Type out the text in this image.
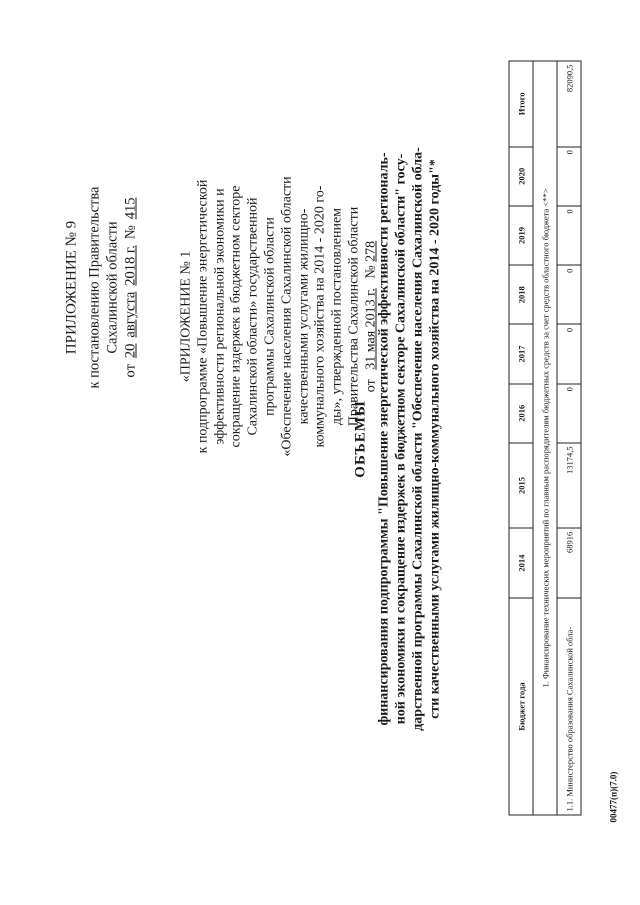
ПРИЛОЖЕНИЕ № 9 к постановлению Правительства Сахалинской области
от
20
августа
2018 г.
№
415
«ПРИЛОЖЕНИЕ № 1 к подпрограмме «Повышение энергетической эффективности региональной экономики и сокращение издержек в бюджетном секторе Сахалинской области» государственной программы Сахалинской области «Обеспечение населения Сахалинской области качественными услугами жилищно- коммунального хозяйства на 2014 - 2020 го- ды», утвержденной постановлением Правительства Сахалинской области от 31 мая 2013 г. № 278
ОБЪЕМЫ финансирования подпрограммы "Повышение энергетической эффективности региональ- ной экономики и сокращение издержек в бюджетном секторе Сахалинской области" госу- дарственной программы Сахалинской области "Обеспечение населения Сахалинской обла- сти качественными услугами жилищно-коммунального хозяйства на 2014 - 2020 годы"*	Бюджет года	2014	2015	2016	2017	2018	2019	2020	Итого
1. Финансирование технических мероприятий по главным распорядителям бюджетных средств за счет средств областного бюджета <**>								
1.1. Министерство образования Сахалинской обла-	68916	13174,5	0	0	0	0	0	82090,5
00477(п)(7.0)
